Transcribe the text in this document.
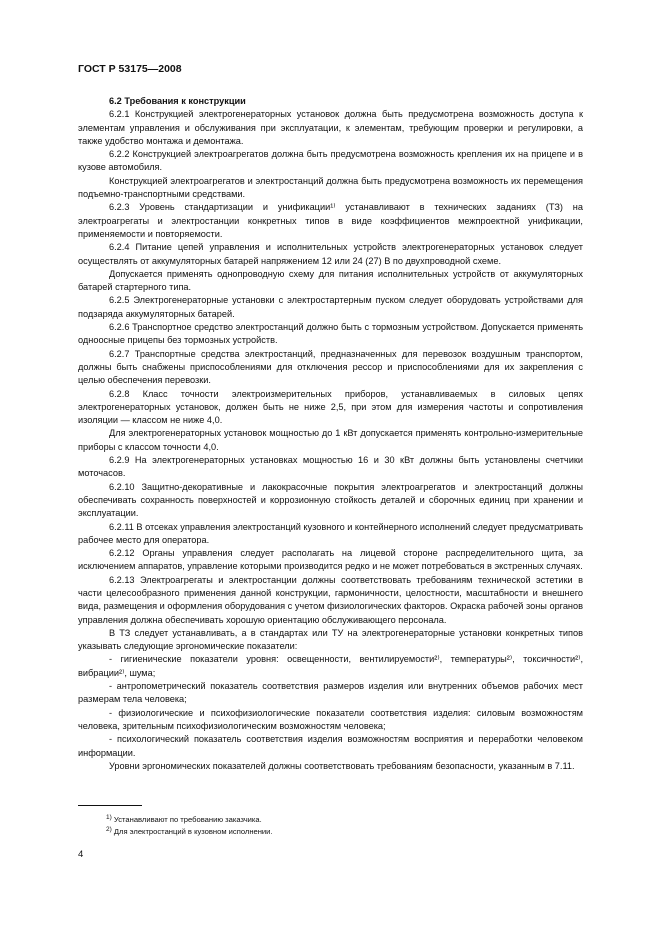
ГОСТ Р 53175—2008

6.2 Требования к конструкции

6.2.1 Конструкцией электрогенераторных установок должна быть предусмотрена возможность доступа к элементам управления и обслуживания при эксплуатации, к элементам, требующим проверки и регулировки, а также удобство монтажа и демонтажа.

6.2.2 Конструкцией электроагрегатов должна быть предусмотрена возможность крепления их на прицепе и в кузове автомобиля.

Конструкцией электроагрегатов и электростанций должна быть предусмотрена возможность их перемещения подъемно-транспортными средствами.

6.2.3 Уровень стандартизации и унификации¹⁾ устанавливают в технических заданиях (ТЗ) на электроагрегаты и электростанции конкретных типов в виде коэффициентов межпроектной унификации, применяемости и повторяемости.

6.2.4 Питание цепей управления и исполнительных устройств электрогенераторных установок следует осуществлять от аккумуляторных батарей напряжением 12 или 24 (27) В по двухпроводной схеме.

Допускается применять однопроводную схему для питания исполнительных устройств от аккумуляторных батарей стартерного типа.

6.2.5 Электрогенераторные установки с электростартерным пуском следует оборудовать устройствами для подзаряда аккумуляторных батарей.

6.2.6 Транспортное средство электростанций должно быть с тормозным устройством. Допускается применять одноосные прицепы без тормозных устройств.

6.2.7 Транспортные средства электростанций, предназначенных для перевозок воздушным транспортом, должны быть снабжены приспособлениями для отключения рессор и приспособлениями для их закрепления с целью обеспечения перевозки.

6.2.8 Класс точности электроизмерительных приборов, устанавливаемых в силовых цепях электрогенераторных установок, должен быть не ниже 2,5, при этом для измерения частоты и сопротивления изоляции — классом не ниже 4,0.

Для электрогенераторных установок мощностью до 1 кВт допускается применять контрольно-измерительные приборы с классом точности 4,0.

6.2.9 На электрогенераторных установках мощностью 16 и 30 кВт должны быть установлены счетчики моточасов.

6.2.10 Защитно-декоративные и лакокрасочные покрытия электроагрегатов и электростанций должны обеспечивать сохранность поверхностей и коррозионную стойкость деталей и сборочных единиц при хранении и эксплуатации.

6.2.11 В отсеках управления электростанций кузовного и контейнерного исполнений следует предусматривать рабочее место для оператора.

6.2.12 Органы управления следует располагать на лицевой стороне распределительного щита, за исключением аппаратов, управление которыми производится редко и не может потребоваться в экстренных случаях.

6.2.13 Электроагрегаты и электростанции должны соответствовать требованиям технической эстетики в части целесообразного применения данной конструкции, гармоничности, целостности, масштабности и внешнего вида, размещения и оформления оборудования с учетом физиологических факторов. Окраска рабочей зоны органов управления должна обеспечивать хорошую ориентацию обслуживающего персонала.

В ТЗ следует устанавливать, а в стандартах или ТУ на электрогенераторные установки конкретных типов указывать следующие эргономические показатели:

- гигиенические показатели уровня: освещенности, вентилируемости²⁾, температуры²⁾, токсичности²⁾, вибрации²⁾, шума;

- антропометрический показатель соответствия размеров изделия или внутренних объемов рабочих мест размерам тела человека;

- физиологические и психофизиологические показатели соответствия изделия: силовым возможностям человека, зрительным психофизиологическим возможностям человека;

- психологический показатель соответствия изделия возможностям восприятия и переработки человеком информации.

Уровни эргономических показателей должны соответствовать требованиям безопасности, указанным в 7.11.

$^{1)}$ Устанавливают по требованию заказчика.

$^{2)}$ Для электростанций в кузовном исполнении.

4
